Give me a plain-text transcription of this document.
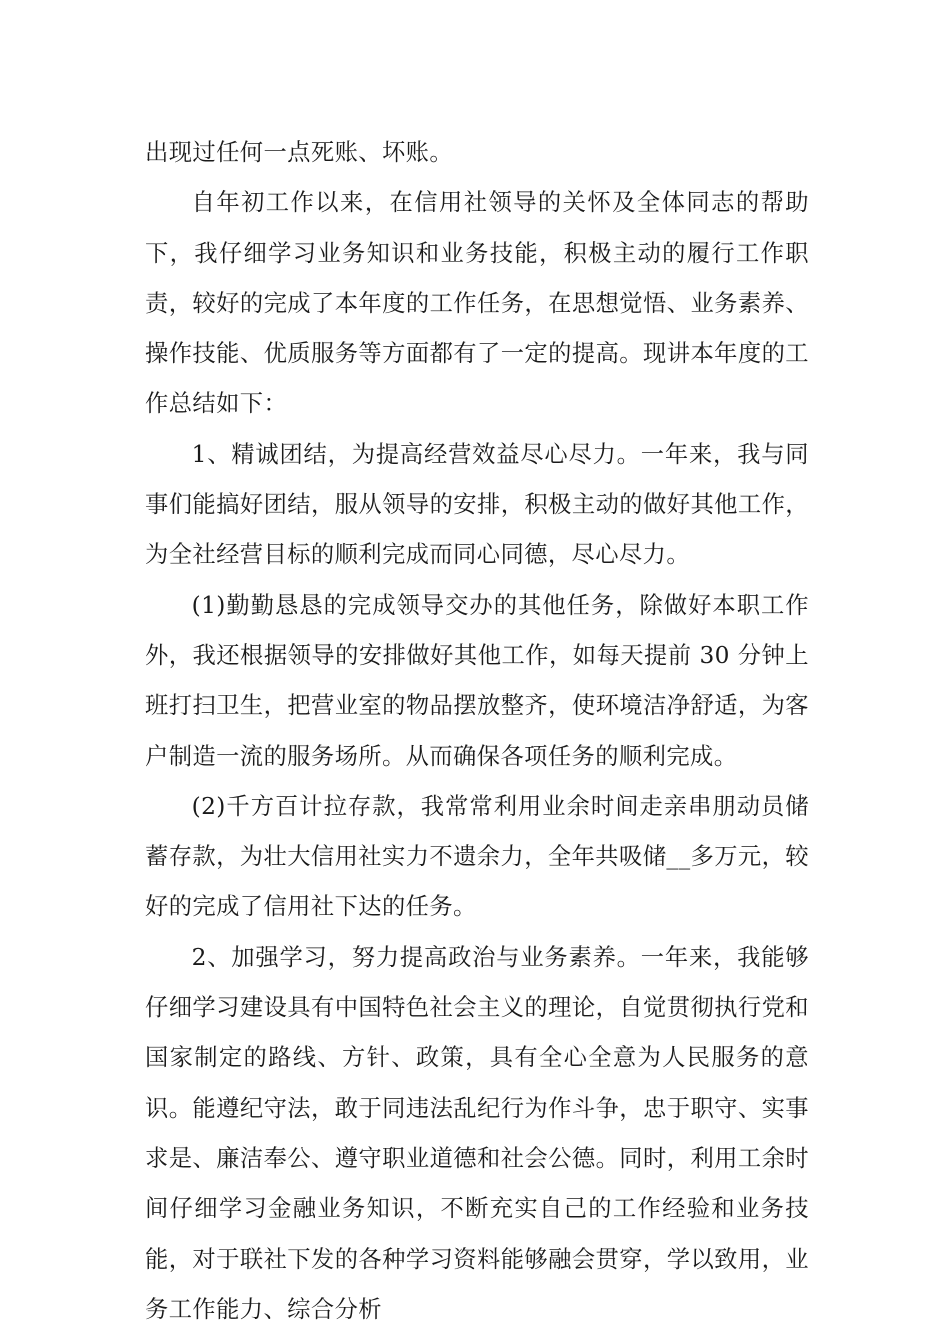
出现过任何一点死账、坏账。

自年初工作以来，在信用社领导的关怀及全体同志的帮助下，我仔细学习业务知识和业务技能，积极主动的履行工作职责，较好的完成了本年度的工作任务，在思想觉悟、业务素养、操作技能、优质服务等方面都有了一定的提高。现讲本年度的工作总结如下：

1、精诚团结，为提高经营效益尽心尽力。一年来，我与同事们能搞好团结，服从领导的安排，积极主动的做好其他工作，为全社经营目标的顺利完成而同心同德，尽心尽力。

(1)勤勤恳恳的完成领导交办的其他任务，除做好本职工作外，我还根据领导的安排做好其他工作，如每天提前 30 分钟上班打扫卫生，把营业室的物品摆放整齐，使环境洁净舒适，为客户制造一流的服务场所。从而确保各项任务的顺利完成。

(2)千方百计拉存款，我常常利用业余时间走亲串朋动员储蓄存款，为壮大信用社实力不遗余力，全年共吸储__多万元，较好的完成了信用社下达的任务。

2、加强学习，努力提高政治与业务素养。一年来，我能够仔细学习建设具有中国特色社会主义的理论，自觉贯彻执行党和国家制定的路线、方针、政策，具有全心全意为人民服务的意识。能遵纪守法，敢于同违法乱纪行为作斗争，忠于职守、实事求是、廉洁奉公、遵守职业道德和社会公德。同时，利用工余时间仔细学习金融业务知识，不断充实自己的工作经验和业务技能，对于联社下发的各种学习资料能够融会贯穿，学以致用，业务工作能力、综合分析
